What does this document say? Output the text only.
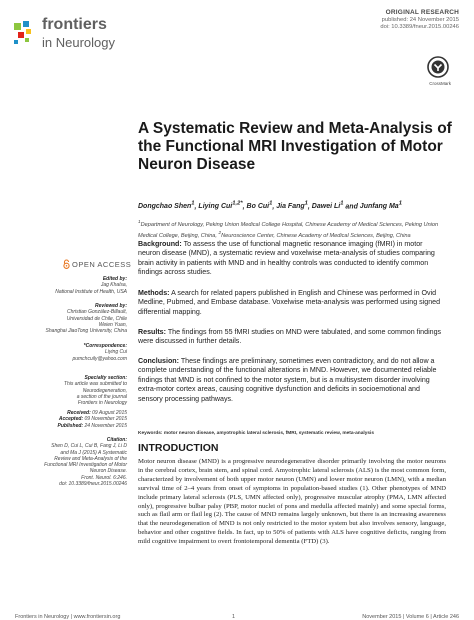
frontiers
in Neurology
ORIGINAL RESEARCH
published: 24 November 2015
doi: 10.3389/fneur.2015.00246
CrossMark
A Systematic Review and Meta-Analysis of the Functional MRI Investigation of Motor Neuron Disease
Dongchao Shen$^1$, Liying Cui$^{1,2*}$, Bo Cui$^1$, Jia Fang$^1$, Dawei Li$^1$ and Junfang Ma$^1$
$^1$Department of Neurology, Peking Union Medical College Hospital, Chinese Academy of Medical Sciences, Peking Union Medical College, Beijing, China, $^2$Neuroscience Center, Chinese Academy of Medical Sciences, Beijing, China
Background: To assess the use of functional magnetic resonance imaging (fMRI) in motor neuron disease (MND), a systematic review and voxelwise meta-analysis of studies comparing brain activity in patients with MND and in healthy controls was conducted to identify common findings across studies.
Methods: A search for related papers published in English and Chinese was performed in Ovid Medline, Pubmed, and Embase database. Voxelwise meta-analysis was performed using signed differential mapping.
Results: The findings from 55 fMRI studies on MND were tabulated, and some common findings were discussed in further details.
Conclusion: These findings are preliminary, sometimes even contradictory, and do not allow a complete understanding of the functional alterations in MND. However, we documented reliable findings that MND is not confined to the motor system, but is a multisystem disorder involving extra-motor cortex areas, causing cognitive dysfunction and deficits in socioemotional and sensory processing pathways.
Keywords: motor neuron disease, amyotrophic lateral sclerosis, fMRI, systematic review, meta-analysis
OPEN ACCESS
Edited by:
Jag Khalsa,
National Institute of Health, USA
Reviewed by:
Christian González-Billault,
Universidad de Chile, Chile
Weien Yuan,
Shanghai JiaoTong University, China
*Correspondence:
Liying Cui
pumchcuily@yahoo.com
Specialty section:
This article was submitted to
Neurodegeneration,
a section of the journal
Frontiers in Neurology
Received: 09 August 2015
Accepted: 09 November 2015
Published: 24 November 2015
Citation:
Shen D, Cui L, Cui B, Fang J, Li D
and Ma J (2015) A Systematic
Review and Meta-Analysis of the
Functional MRI Investigation of Motor
Neuron Disease.
Front. Neurol. 6:246.
doi: 10.3389/fneur.2015.00246
INTRODUCTION
Motor neuron disease (MND) is a progressive neurodegenerative disorder primarily involving the motor neurons in the cerebral cortex, brain stem, and spinal cord. Amyotrophic lateral sclerosis (ALS) is the most common form, characterized by involvement of both upper motor neuron (UMN) and lower motor neuron (LMN), with a median survival time of 2–4 years from onset of symptoms in population-based studies (1). Other phenotypes of MND include primary lateral sclerosis (PLS, UMN affected only), progressive muscular atrophy (PMA, LMN affected only), progressive bulbar palsy (PBP, motor nuclei of pons and medulla affected mainly) and some special forms, such as flail arm or flail leg (2). The cause of MND remains largely unknown, but there is an increasing awareness that the neurodegeneration of MND is not only restricted to the motor system but also involves sensory, language, behavior and other cognitive fields. In fact, up to 50% of patients with ALS have cognitive deficits, ranging from mild cognitive impairment to overt frontotemporal dementia (FTD) (3).
Frontiers in Neurology | www.frontiersin.org	1	November 2015 | Volume 6 | Article 246
